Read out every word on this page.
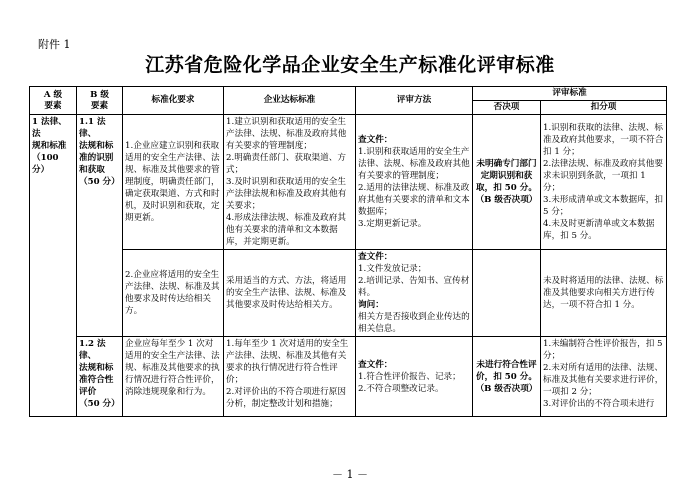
附件 1
江苏省危险化学品企业安全生产标准化评审标准
A 级
要素	B 级
要素	标准化要求	企业达标标准	评审方法	评审标准	
					否决项	扣分项
1 法律、法
规和标准
（100 分）	1.1 法律、
法规和标
准的识别
和获取
（50 分）	1.企业应建立识别和获取适用的安全生产法律、法规、标准及其他要求的管理制度，明确责任部门，确定获取渠道、方式和时机，及时识别和获取，定期更新。	1.建立识别和获取适用的安全生产法律、法规、标准及政府其他有关要求的管理制度；
2.明确责任部门、获取渠道、方式；
3.及时识别和获取适用的安全生产法律法规和标准及政府其他有关要求；
4.形成法律法规、标准及政府其他有关要求的清单和文本数据库，并定期更新。	查文件：
1.识别和获取适用的安全生产法律、法规、标准及政府其他有关要求的管理制度；
2.适用的法律法规、标准及政府其他有关要求的清单和文本数据库；
3.定期更新记录。	未明确专门部门定期识别和获取，扣 50 分。
（B 级否决项）	1.识别和获取的法律、法规、标准及政府其他要求，一项不符合扣 1 分；
2.法律法规、标准及政府其他要求未识别到条款，一项扣 1 分；
3.未形成清单或文本数据库，扣 5 分；
4.未及时更新清单或文本数据库，扣 5 分。
		2.企业应将适用的安全生产法律、法规、标准及其他要求及时传达给相关方。	采用适当的方式、方法，将适用的安全生产法律、法规、标准及其他要求及时传达给相关方。	查文件：
1.文件发放记录；
2.培训记录、告知书、宣传材料。
询问：
相关方是否接收到企业传达的相关信息。		未及时将适用的法律、法规、标准及其他要求向相关方进行传达，一项不符合扣 1 分。
	1.2 法律、
法规和标
准符合性
评价
（50 分）	企业应每年至少 1 次对适用的安全生产法律、法规、标准及其他要求的执行情况进行符合性评价，消除违规现象和行为。	1.每年至少 1 次对适用的安全生产法律、法规、标准及其他有关要求的执行情况进行符合性评价；
2.对评价出的不符合项进行原因分析，制定整改计划和措施；	查文件：
1.符合性评价报告、记录；
2.不符合项整改记录。	未进行符合性评价，扣 50 分。
（B 级否决项）	1.未编制符合性评价报告，扣 5 分；
2.未对所有适用的法律、法规、标准及其他有关要求进行评价，一项扣 2 分；
3.对评价出的不符合项未进行
－ 1 －
